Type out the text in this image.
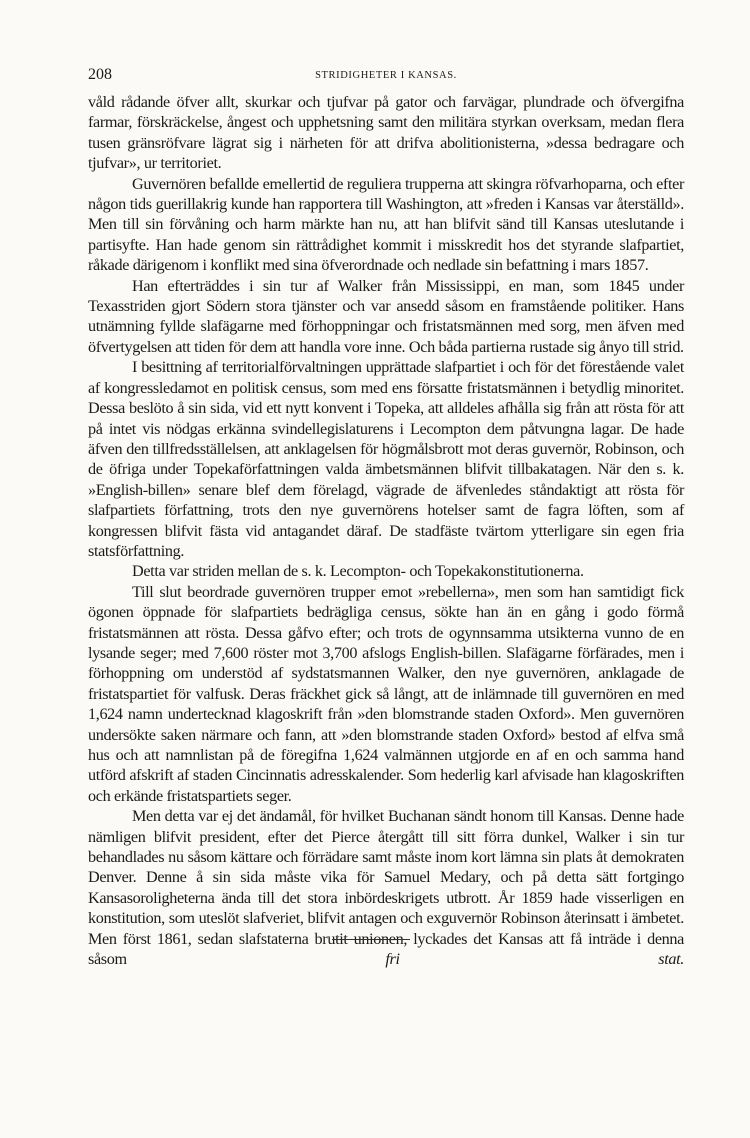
208	STRIDIGHETER I KANSAS.

våld rådande öfver allt, skurkar och tjufvar på gator och farvägar, plundrade och öfvergifna farmar, förskräckelse, ångest och upphetsning samt den militära styrkan overksam, medan flera tusen gränsröfvare lägrat sig i närheten för att drifva abolitionisterna, »dessa bedragare och tjufvar», ur territoriet.

Guvernören befallde emellertid de reguliera trupperna att skingra röfvarhoparna, och efter någon tids guerillakrig kunde han rapportera till Washington, att »freden i Kansas var återställd». Men till sin förvåning och harm märkte han nu, att han blifvit sänd till Kansas uteslutande i partisyfte. Han hade genom sin rättrådighet kommit i misskredit hos det styrande slafpartiet, råkade därigenom i konflikt med sina öfverordnade och nedlade sin befattning i mars 1857.

Han efterträddes i sin tur af Walker från Mississippi, en man, som 1845 under Texasstriden gjort Södern stora tjänster och var ansedd såsom en framstående politiker. Hans utnämning fyllde slafägarne med förhoppningar och fristatsmännen med sorg, men äfven med öfvertygelsen att tiden för dem att handla vore inne. Och båda partierna rustade sig ånyo till strid.

I besittning af territorialförvaltningen upprättade slafpartiet i och för det förestående valet af kongressledamot en politisk census, som med ens försatte fristatsmännen i betydlig minoritet. Dessa beslöto å sin sida, vid ett nytt konvent i Topeka, att alldeles afhålla sig från att rösta för att på intet vis nödgas erkänna svindellegislaturens i Lecompton dem påtvungna lagar. De hade äfven den tillfredsställelsen, att anklagelsen för högmålsbrott mot deras guvernör, Robinson, och de öfriga under Topekaförfattningen valda ämbetsmännen blifvit tillbakatagen. När den s. k. »English-billen» senare blef dem förelagd, vägrade de äfvenledes ståndaktigt att rösta för slafpartiets författning, trots den nye guvernörens hotelser samt de fagra löften, som af kongressen blifvit fästa vid antagandet däraf. De stadfäste tvärtom ytterligare sin egen fria statsförfattning.

Detta var striden mellan de s. k. Lecompton- och Topekakonstitutionerna.

Till slut beordrade guvernören trupper emot »rebellerna», men som han samtidigt fick ögonen öppnade för slafpartiets bedrägliga census, sökte han än en gång i godo förmå fristatsmännen att rösta. Dessa gåfvo efter; och trots de ogynnsamma utsikterna vunno de en lysande seger; med 7,600 röster mot 3,700 afslogs English-billen. Slafägarne förfärades, men i förhoppning om understöd af sydstatsmannen Walker, den nye guvernören, anklagade de fristatspartiet för valfusk. Deras fräckhet gick så långt, att de inlämnade till guvernören en med 1,624 namn undertecknad klagoskrift från »den blomstrande staden Oxford». Men guvernören undersökte saken närmare och fann, att »den blomstrande staden Oxford» bestod af elfva små hus och att namnlistan på de föregifna 1,624 valmännen utgjorde en af en och samma hand utförd afskrift af staden Cincinnatis adresskalender. Som hederlig karl afvisade han klagoskriften och erkände fristatspartiets seger.

Men detta var ej det ändamål, för hvilket Buchanan sändt honom till Kansas. Denne hade nämligen blifvit president, efter det Pierce återgått till sitt förra dunkel, Walker i sin tur behandlades nu såsom kättare och förrädare samt måste inom kort lämna sin plats åt demokraten Denver. Denne å sin sida måste vika för Samuel Medary, och på detta sätt fortgingo Kansasoroligheterna ända till det stora inbördeskrigets utbrott. År 1859 hade visserligen en konstitution, som uteslöt slafveriet, blifvit antagen och exguvernör Robinson återinsatt i ämbetet. Men först 1861, sedan slafstaterna brutit unionen, lyckades det Kansas att få inträde i denna såsom	fri stat.
